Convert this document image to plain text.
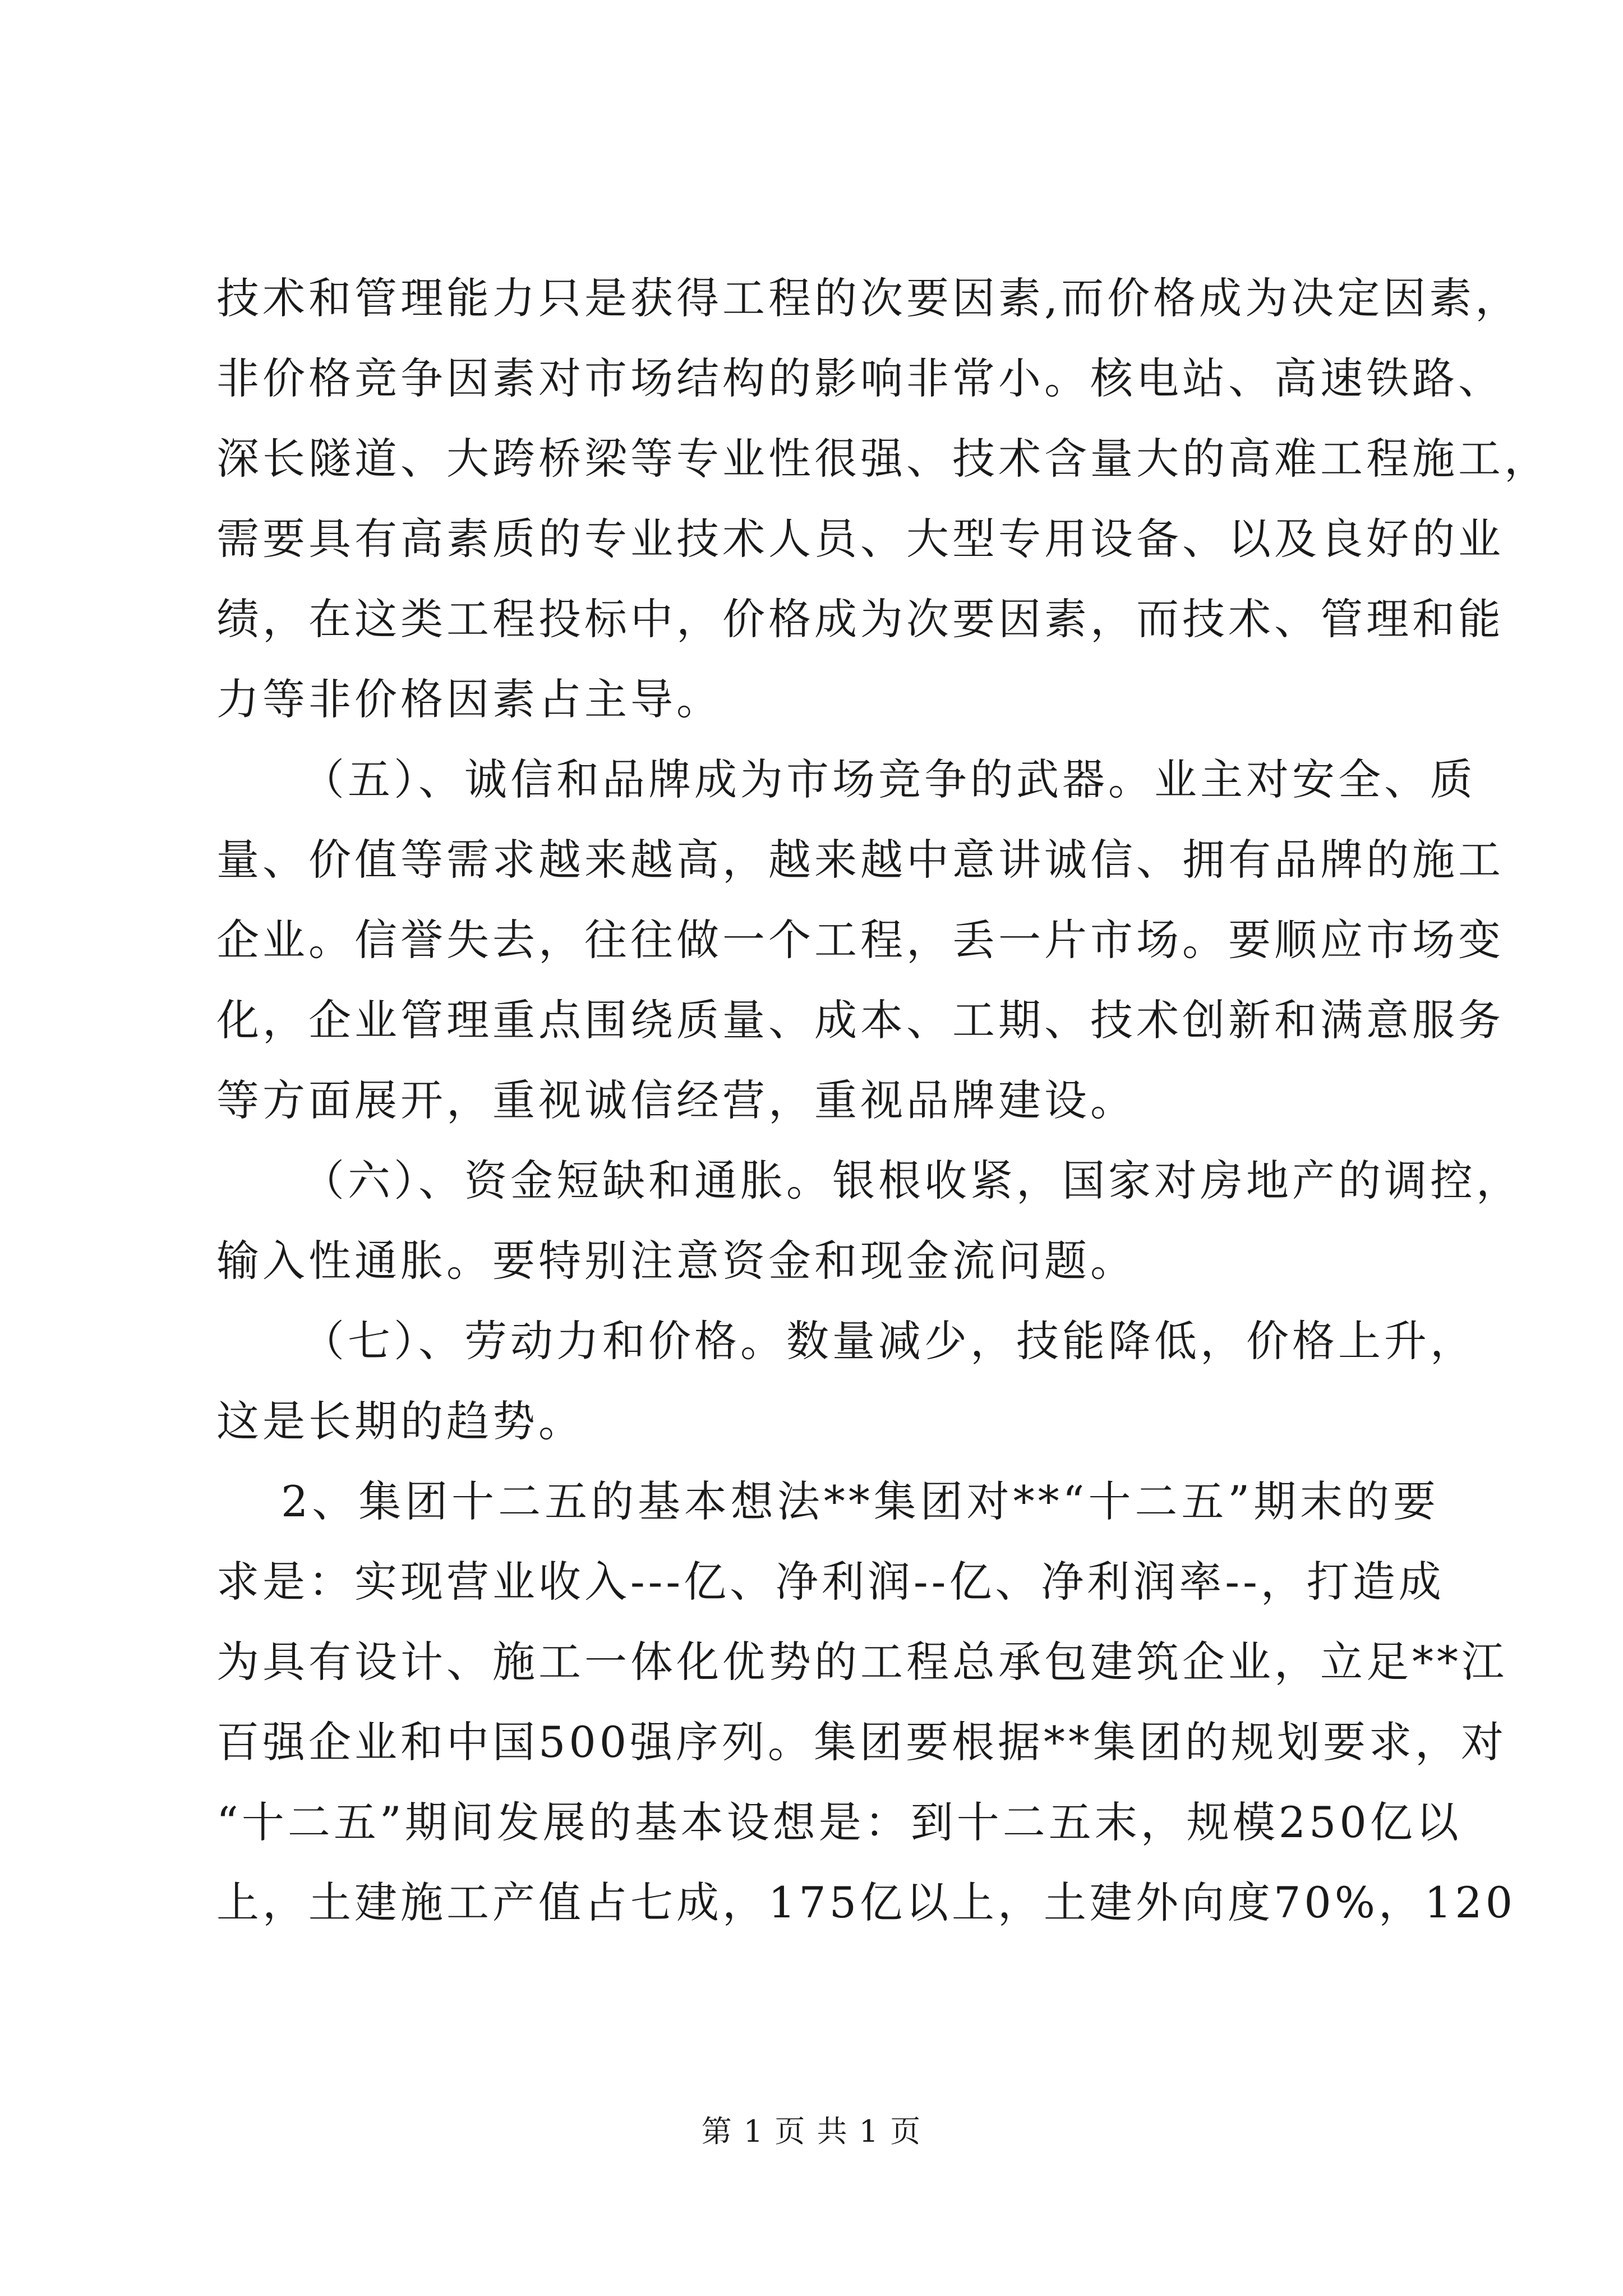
技术和管理能力只是获得工程的次要因素,而价格成为决定因素，
非价格竞争因素对市场结构的影响非常小。核电站、高速铁路、
深长隧道、大跨桥梁等专业性很强、技术含量大的高难工程施工，
需要具有高素质的专业技术人员、大型专用设备、以及良好的业
绩，在这类工程投标中，价格成为次要因素，而技术、管理和能
力等非价格因素占主导。
（五）、诚信和品牌成为市场竞争的武器。业主对安全、质
量、价值等需求越来越高，越来越中意讲诚信、拥有品牌的施工
企业。信誉失去，往往做一个工程，丢一片市场。要顺应市场变
化，企业管理重点围绕质量、成本、工期、技术创新和满意服务
等方面展开，重视诚信经营，重视品牌建设。
（六）、资金短缺和通胀。银根收紧，国家对房地产的调控，
输入性通胀。要特别注意资金和现金流问题。
（七）、劳动力和价格。数量减少，技能降低，价格上升，
这是长期的趋势。
2、集团十二五的基本想法**集团对**“十二五”期末的要
求是：实现营业收入---亿、净利润--亿、净利润率--，打造成
为具有设计、施工一体化优势的工程总承包建筑企业，立足**江
百强企业和中国500强序列。集团要根据**集团的规划要求，对
“十二五”期间发展的基本设想是：到十二五末，规模250亿以
上，土建施工产值占七成，175亿以上，土建外向度70%，120
第 1 页 共 1 页
